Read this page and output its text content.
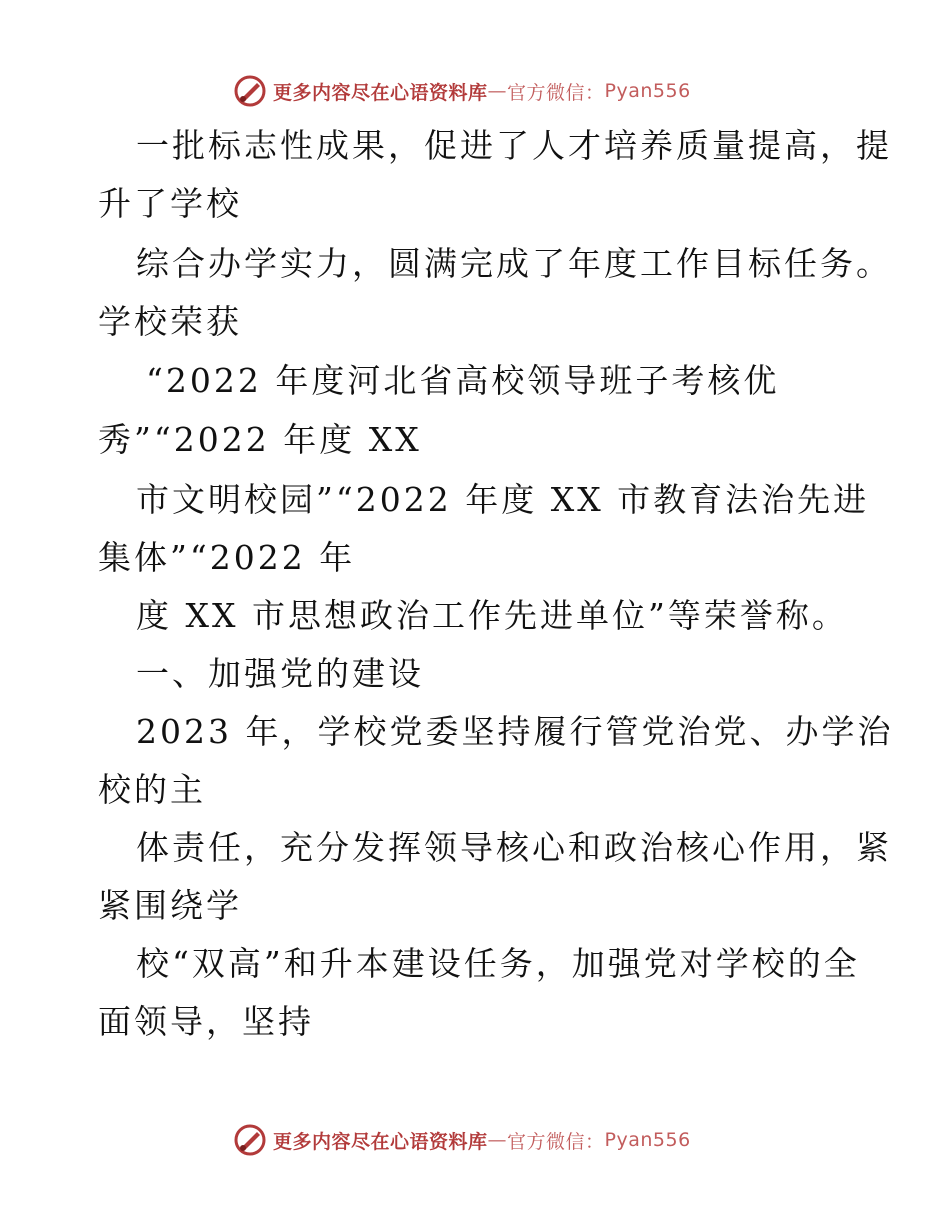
更多内容尽在心语资料库 — 官方微信： Pyan556
一批标志性成果，促进了人才培养质量提高，提
升了学校
综合办学实力，圆满完成了年度工作目标任务。
学校荣获
“2022 年度河北省高校领导班子考核优
秀”“2022 年度 XX
市文明校园”“2022 年度 XX 市教育法治先进
集体”“2022 年
度 XX 市思想政治工作先进单位”等荣誉称。
一、加强党的建设
2023 年，学校党委坚持履行管党治党、办学治
校的主
体责任，充分发挥领导核心和政治核心作用，紧
紧围绕学
校“双高”和升本建设任务，加强党对学校的全
面领导，坚持
更多内容尽在心语资料库 — 官方微信： Pyan556
